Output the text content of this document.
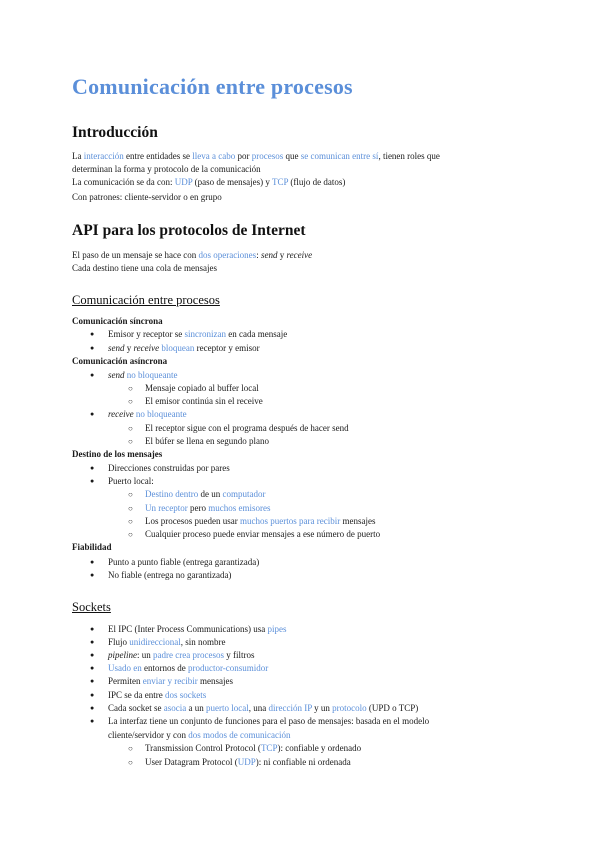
Comunicación entre procesos
Introducción
La interacción entre entidades se lleva a cabo por procesos que se comunican entre sí, tienen roles que
determinan la forma y protocolo de la comunicación
La comunicación se da con: UDP (paso de mensajes) y TCP (flujo de datos)
Con patrones: cliente-servidor o en grupo
API para los protocolos de Internet
El paso de un mensaje se hace con dos operaciones: send y receive
Cada destino tiene una cola de mensajes
Comunicación entre procesos
Comunicación síncrona
● Emisor y receptor se sincronizan en cada mensaje
● send y receive bloquean receptor y emisor
Comunicación asíncrona
● send no bloqueante
○ Mensaje copiado al buffer local
○ El emisor continúa sin el receive
● receive no bloqueante
○ El receptor sigue con el programa después de hacer send
○ El búfer se llena en segundo plano
Destino de los mensajes
● Direcciones construidas por pares
● Puerto local:
○ Destino dentro de un computador
○ Un receptor pero muchos emisores
○ Los procesos pueden usar muchos puertos para recibir mensajes
○ Cualquier proceso puede enviar mensajes a ese número de puerto
Fiabilidad
● Punto a punto fiable (entrega garantizada)
● No fiable (entrega no garantizada)
Sockets
● El IPC (Inter Process Communications) usa pipes
● Flujo unidireccional, sin nombre
● pipeline: un padre crea procesos y filtros
● Usado en entornos de productor-consumidor
● Permiten enviar y recibir mensajes
● IPC se da entre dos sockets
● Cada socket se asocia a un puerto local, una dirección IP y un protocolo (UPD o TCP)
● La interfaz tiene un conjunto de funciones para el paso de mensajes: basada en el modelo
cliente/servidor y con dos modos de comunicación
○ Transmission Control Protocol (TCP): confiable y ordenado
○ User Datagram Protocol (UDP): ni confiable ni ordenada
